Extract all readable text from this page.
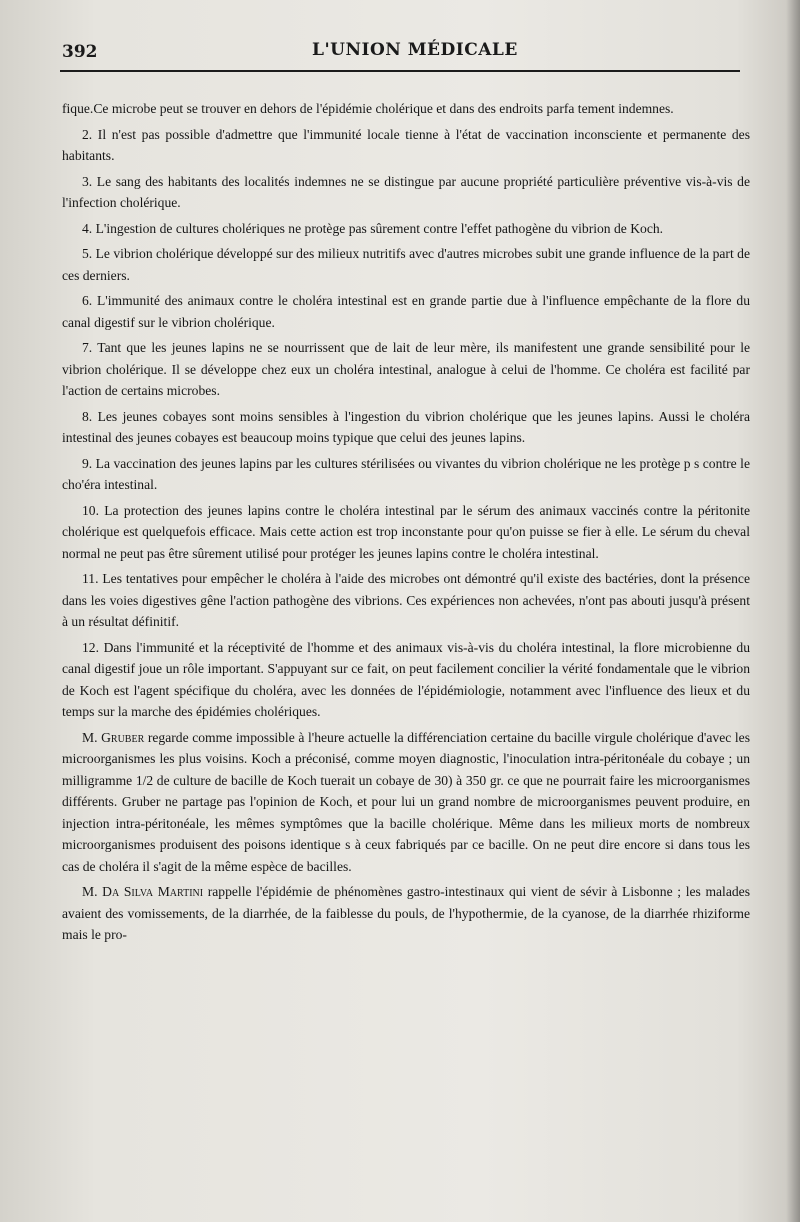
392	L'UNION MÉDICALE

fique.Ce microbe peut se trouver en dehors de l'épidémie cholérique et dans des endroits parfa tement indemnes.

2. Il n'est pas possible d'admettre que l'immunité locale tienne à l'état de vaccination inconsciente et permanente des habitants.

3. Le sang des habitants des localités indemnes ne se distingue par aucune propriété particulière préventive vis-à-vis de l'infection cholérique.

4. L'ingestion de cultures cholériques ne protège pas sûrement contre l'effet pathogène du vibrion de Koch.

5. Le vibrion cholérique développé sur des milieux nutritifs avec d'autres microbes subit une grande influence de la part de ces derniers.

6. L'immunité des animaux contre le choléra intestinal est en grande partie due à l'influence empêchante de la flore du canal digestif sur le vibrion cholérique.

7. Tant que les jeunes lapins ne se nourrissent que de lait de leur mère, ils manifestent une grande sensibilité pour le vibrion cholérique. Il se développe chez eux un choléra intestinal, analogue à celui de l'homme. Ce choléra est facilité par l'action de certains microbes.

8. Les jeunes cobayes sont moins sensibles à l'ingestion du vibrion cholérique que les jeunes lapins. Aussi le choléra intestinal des jeunes cobayes est beaucoup moins typique que celui des jeunes lapins.

9. La vaccination des jeunes lapins par les cultures stérilisées ou vivantes du vibrion cholérique ne les protège p s contre le cho'éra intestinal.

10. La protection des jeunes lapins contre le choléra intestinal par le sérum des animaux vaccinés contre la péritonite cholérique est quelquefois efficace. Mais cette action est trop inconstante pour qu'on puisse se fier à elle. Le sérum du cheval normal ne peut pas être sûrement utilisé pour protéger les jeunes lapins contre le choléra intestinal.

11. Les tentatives pour empêcher le choléra à l'aide des microbes ont démontré qu'il existe des bactéries, dont la présence dans les voies digestives gêne l'action pathogène des vibrions. Ces expériences non achevées, n'ont pas abouti jusqu'à présent à un résultat définitif.

12. Dans l'immunité et la réceptivité de l'homme et des animaux vis-à-vis du choléra intestinal, la flore microbienne du canal digestif joue un rôle important. S'appuyant sur ce fait, on peut facilement concilier la vérité fondamentale que le vibrion de Koch est l'agent spécifique du choléra, avec les données de l'épidémiologie, notamment avec l'influence des lieux et du temps sur la marche des épidémies cholériques.

M. Gruber regarde comme impossible à l'heure actuelle la différenciation certaine du bacille virgule cholérique d'avec les microorganismes les plus voisins. Koch a préconisé, comme moyen diagnostic, l'inoculation intra-péritonéale du cobaye ; un milligramme 1/2 de culture de bacille de Koch tuerait un cobaye de 30) à 350 gr. ce que ne pourrait faire les microorganismes différents. Gruber ne partage pas l'opinion de Koch, et pour lui un grand nombre de microorganismes peuvent produire, en injection intra-péritonéale, les mêmes symptômes que la bacille cholérique. Même dans les milieux morts de nombreux microorganismes produisent des poisons identique s à ceux fabriqués par ce bacille. On ne peut dire encore si dans tous les cas de choléra il s'agit de la même espèce de bacilles.

M. Da Silva Martini rappelle l'épidémie de phénomènes gastro-intestinaux qui vient de sévir à Lisbonne ; les malades avaient des vomissements, de la diarrhée, de la faiblesse du pouls, de l'hypothermie, de la cyanose, de la diarrhée rhiziforme mais le pro-
